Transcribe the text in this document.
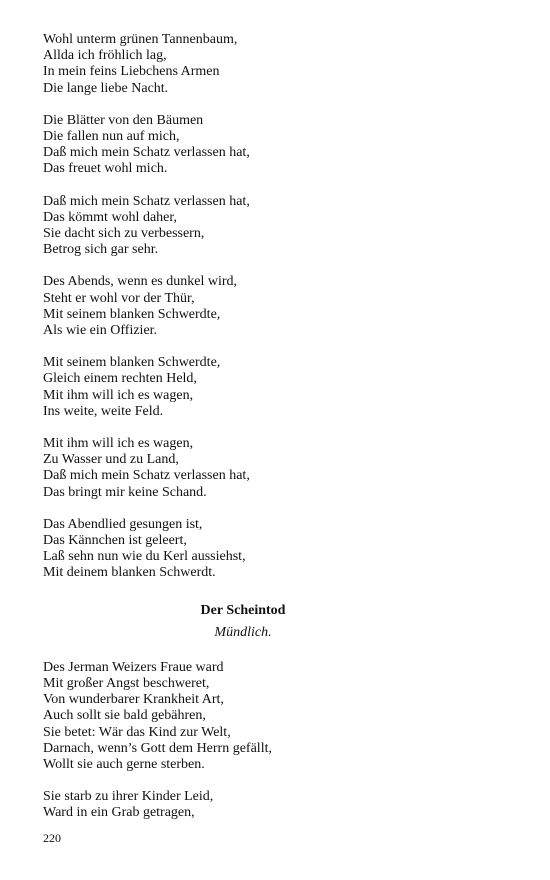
Wohl unterm grünen Tannenbaum,
Allda ich fröhlich lag,
In mein feins Liebchens Armen
Die lange liebe Nacht.
Die Blätter von den Bäumen
Die fallen nun auf mich,
Daß mich mein Schatz verlassen hat,
Das freuet wohl mich.
Daß mich mein Schatz verlassen hat,
Das kömmt wohl daher,
Sie dacht sich zu verbessern,
Betrog sich gar sehr.
Des Abends, wenn es dunkel wird,
Steht er wohl vor der Thür,
Mit seinem blanken Schwerdte,
Als wie ein Offizier.
Mit seinem blanken Schwerdte,
Gleich einem rechten Held,
Mit ihm will ich es wagen,
Ins weite, weite Feld.
Mit ihm will ich es wagen,
Zu Wasser und zu Land,
Daß mich mein Schatz verlassen hat,
Das bringt mir keine Schand.
Das Abendlied gesungen ist,
Das Kännchen ist geleert,
Laß sehn nun wie du Kerl aussiehst,
Mit deinem blanken Schwerdt.
Der Scheintod
Mündlich.
Des Jerman Weizers Fraue ward
Mit großer Angst beschweret,
Von wunderbarer Krankheit Art,
Auch sollt sie bald gebähren,
Sie betet: Wär das Kind zur Welt,
Darnach, wenn’s Gott dem Herrn gefällt,
Wollt sie auch gerne sterben.
Sie starb zu ihrer Kinder Leid,
Ward in ein Grab getragen,
220
